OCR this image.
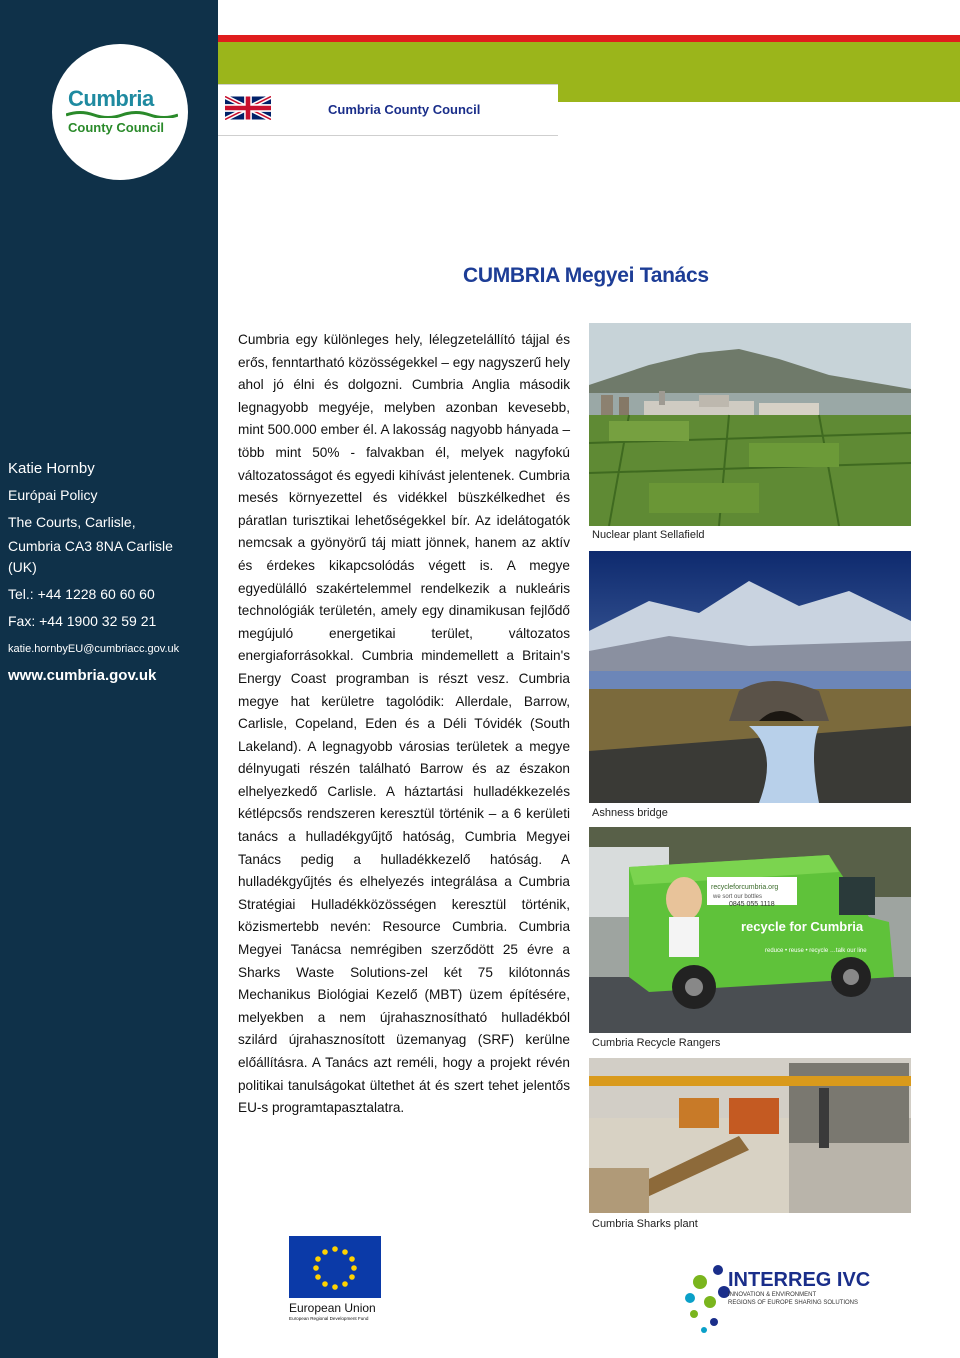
Cumbria
County Council
Katie Hornby
Európai Policy
The Courts, Carlisle,
Cumbria CA3 8NA Carlisle
(UK)
Tel.: +44 1228 60 60 60
Fax: +44 1900 32 59 21
katie.hornbyEU@cumbriacc.gov.uk
www.cumbria.gov.uk
Cumbria County Council
CUMBRIA Megyei Tanács
Cumbria egy különleges hely, lélegzetelállító tájjal és erős, fenntartható közösségekkel – egy nagyszerű hely ahol jó élni és dolgozni. Cumbria Anglia második legnagyobb megyéje, melyben azonban kevesebb, mint 500.000 ember él. A lakosság nagyobb hányada – több mint 50% - falvakban él, melyek nagyfokú változatosságot és egyedi kihívást jelentenek. Cumbria mesés környezettel és vidékkel büszkélkedhet és páratlan turisztikai lehetőségekkel bír. Az idelátogatók nemcsak a gyönyörű táj miatt jönnek, hanem az aktív és érdekes kikapcsolódás végett is. A megye egyedülálló szakértelemmel rendelkezik a nukleáris technológiák területén, amely egy dinamikusan fejlődő megújuló energetikai terület, változatos energiaforrásokkal. Cumbria mindemellett a Britain's Energy Coast programban is részt vesz. Cumbria megye hat kerületre tagolódik: Allerdale, Barrow, Carlisle, Copeland, Eden és a Déli Tóvidék (South Lakeland). A legnagyobb városias területek a megye délnyugati részén található Barrow és az északon elhelyezkedő Carlisle. A háztartási hulladékkezelés kétlépcsős rendszeren keresztül történik – a 6 kerületi tanács a hulladékgyűjtő hatóság, Cumbria Megyei Tanács pedig a hulladékkezelő hatóság. A hulladékgyűjtés és elhelyezés integrálása a Cumbria Stratégiai Hulladékközösségen keresztül történik, közismertebb nevén: Resource Cumbria. Cumbria Megyei Tanácsa nemrégiben szerződött 25 évre a Sharks Waste Solutions-zel két 75 kilótonnás Mechanikus Biológiai Kezelő (MBT) üzem építésére, melyekben a nem újrahasznosítható hulladékból szilárd újrahasznosított üzemanyag (SRF) kerülne előállításra. A Tanács azt reméli, hogy a projekt révén politikai tanulságokat ültethet át és szert tehet jelentős EU-s programtapasztalatra.
Nuclear plant Sellafield
Ashness bridge
recycleforcumbria.org
we sort our bottles
0845 055 1118
recycle for Cumbria
reduce • reuse • recycle …talk our line
Cumbria Recycle Rangers
Cumbria Sharks plant
European Union
European Regional Development Fund
INTERREG IVC
INNOVATION & ENVIRONMENT
REGIONS OF EUROPE SHARING SOLUTIONS
